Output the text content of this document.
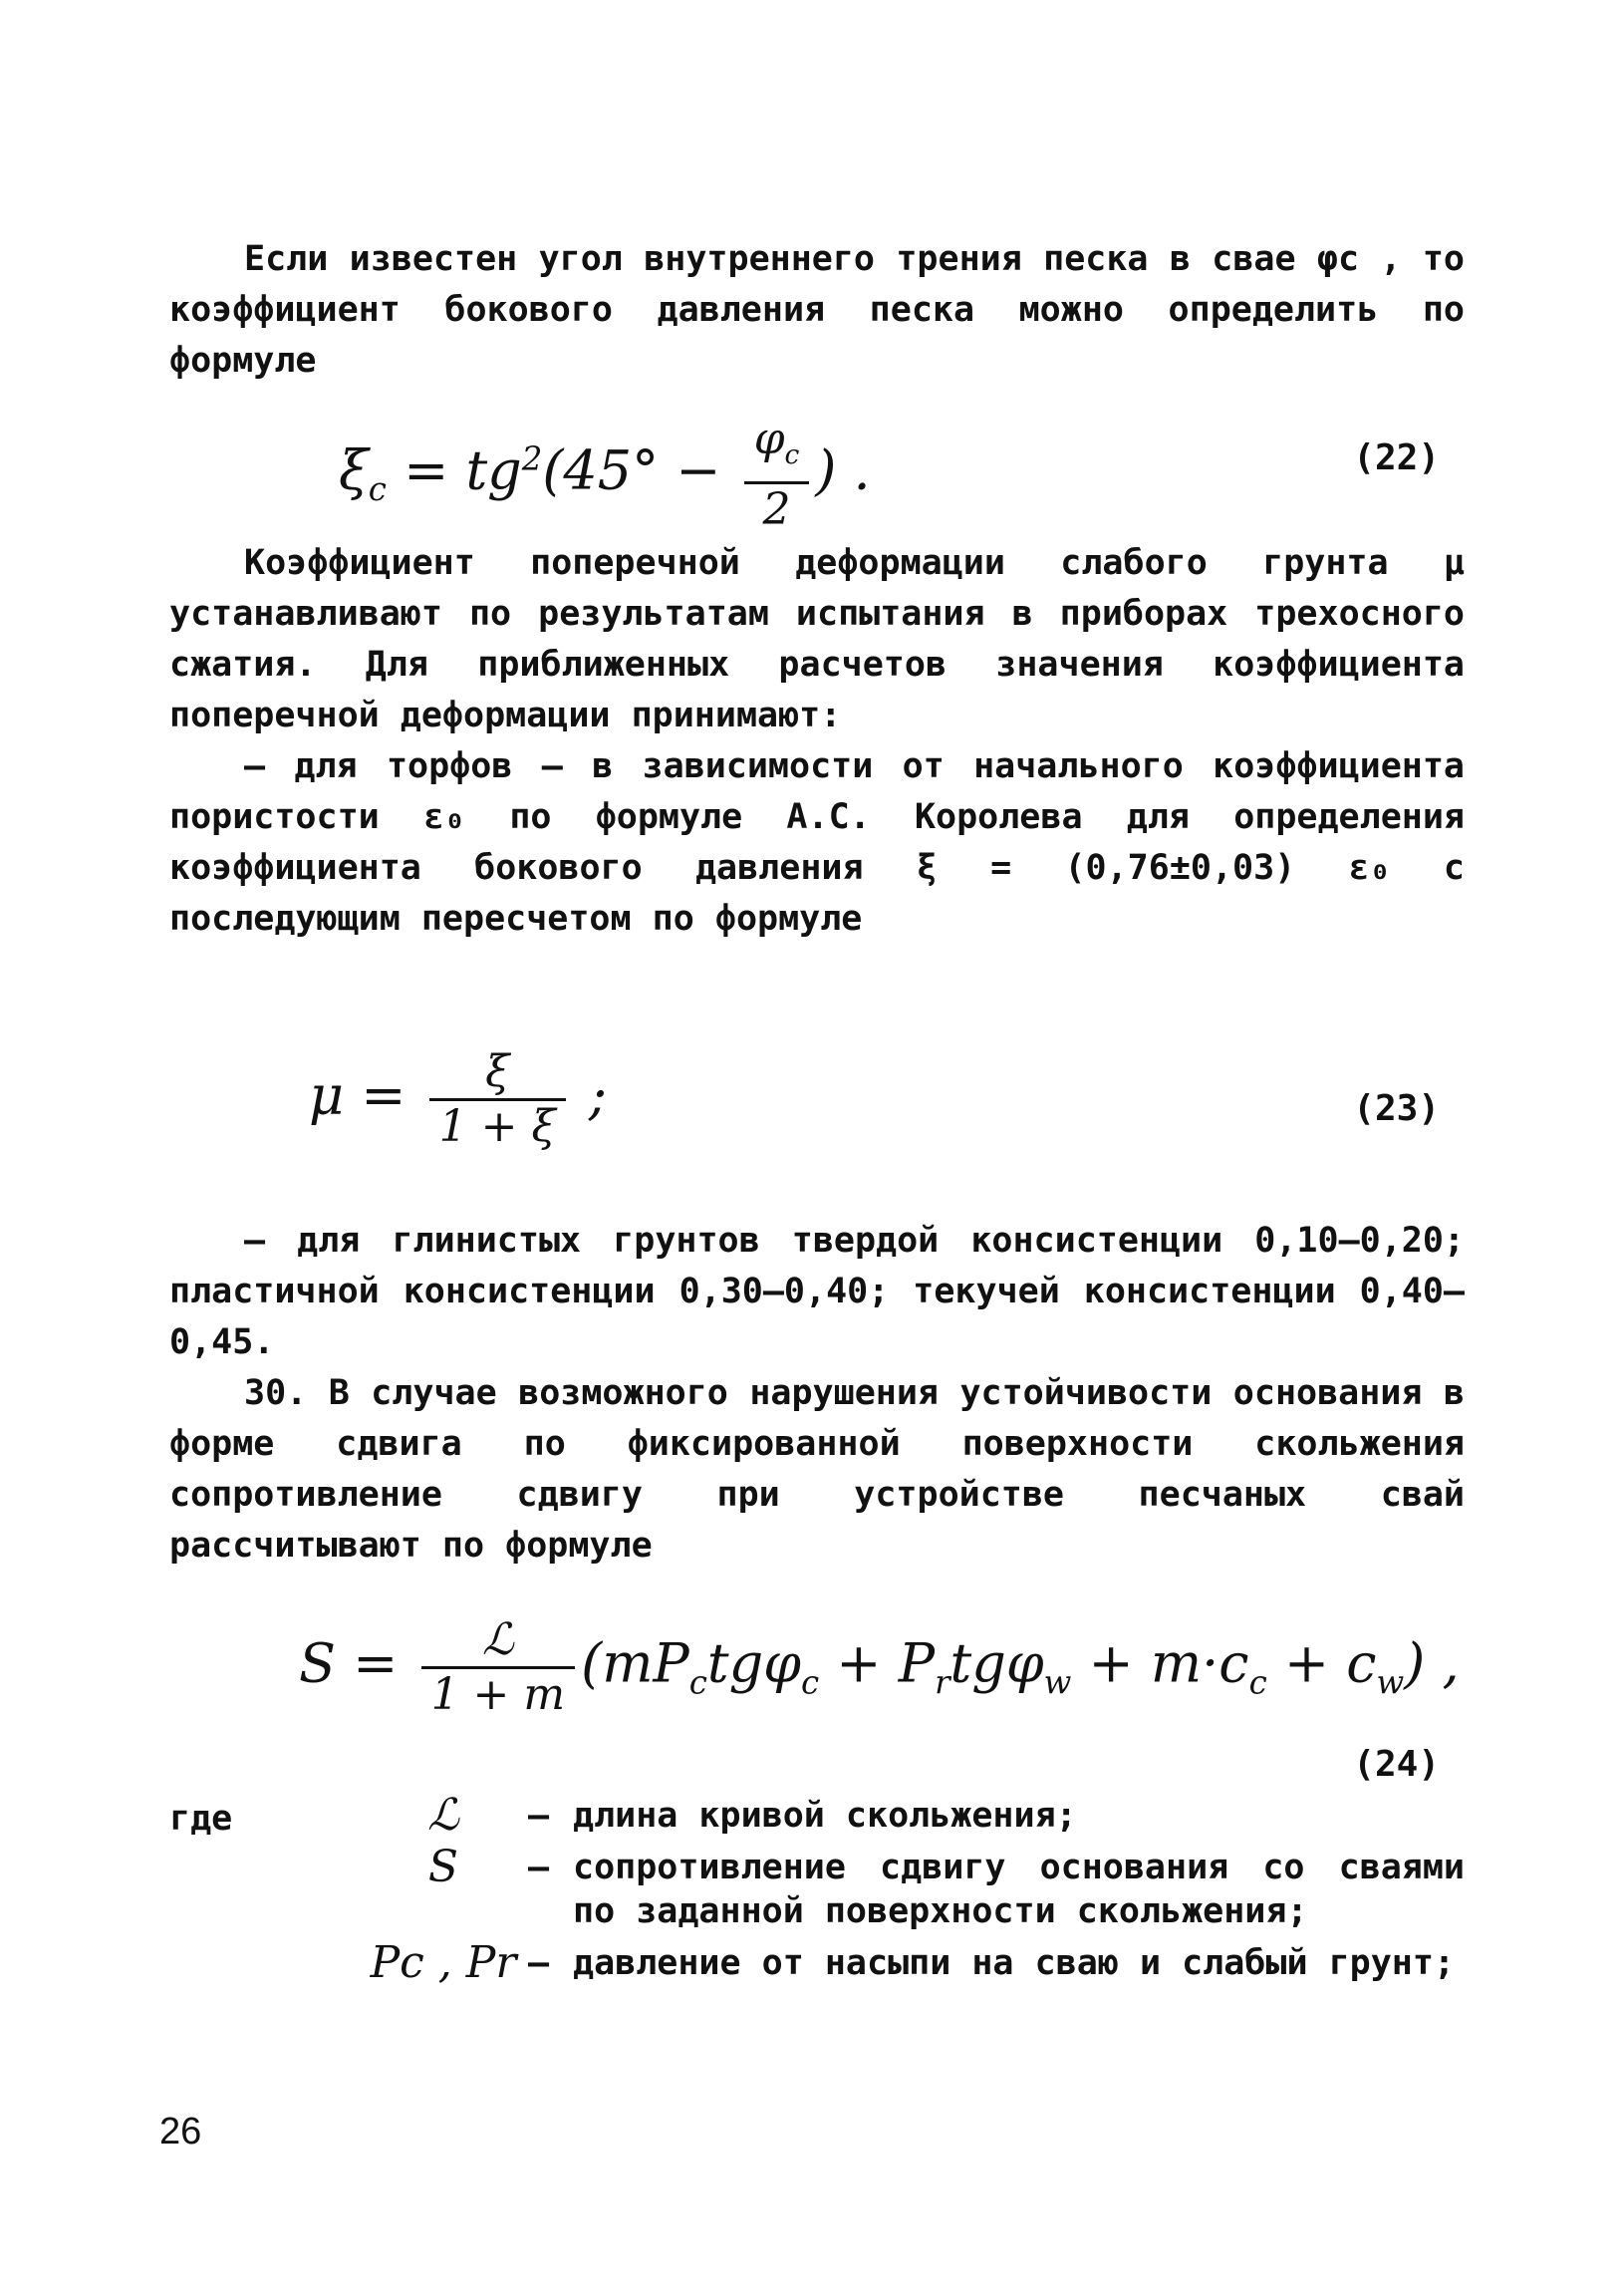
Если известен угол внутреннего трения песка в сваe φc , то коэффициент бокового давления песка можно определить по формуле

$\xi_c = tg^2(45^\circ - \frac{\varphi_c}{2}$ ) .	(22)

Коэффициент поперечной деформации слабого грунта μ устанавливают по результатам испытания в приборах трехосного сжатия. Для приближенных расчетов значения коэффициента поперечной деформации принимают:

– для торфов – в зависимости от начального коэффициента пористости ε₀ по формуле А.С. Королева для определения коэффициента бокового давления ξ = (0,76±0,03) ε₀ с последующим пересчетом по формуле

$\mu = \frac{\xi}{1 + \xi}$ ;	(23)

– для глинистых грунтов твердой консистенции 0,10–0,20; пластичной консистенции 0,30–0,40; текучей консистенции 0,40–0,45.

30. В случае возможного нарушения устойчивости основания в форме сдвига по фиксированной поверхности скольжения сопротивление сдвигу при устройстве песчаных свай рассчитывают по формуле

$S = \frac{\text{ℒ}}{1 + m} (mP_ctg\varphi_c + P_rtg\varphi_w + m\cdot c_c + c_w)$ ,
(24)
где	ℒ	– длина кривой скольжения;
S	– сопротивление сдвигу основания со сваями по заданной поверхности скольжения;
Pc , Pr – давление от насыпи на сваю и слабый грунт;
26
